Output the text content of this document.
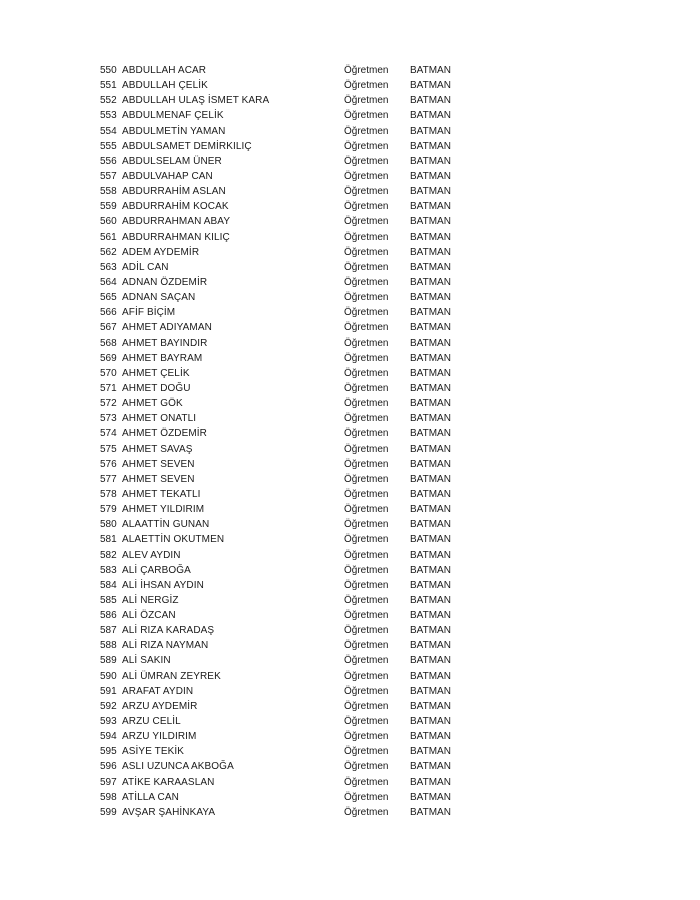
550 ABDULLAH ACAR	Öğretmen BATMAN
551 ABDULLAH ÇELİK	Öğretmen BATMAN
552 ABDULLAH ULAŞ İSMET KARA	Öğretmen BATMAN
553 ABDULMENAF ÇELİK	Öğretmen BATMAN
554 ABDULMETİN YAMAN	Öğretmen BATMAN
555 ABDULSAMET DEMİRKILIÇ	Öğretmen BATMAN
556 ABDULSELAM ÜNER	Öğretmen BATMAN
557 ABDULVAHAP CAN	Öğretmen BATMAN
558 ABDURRAHİM ASLAN	Öğretmen BATMAN
559 ABDURRAHİM KOCAK	Öğretmen BATMAN
560 ABDURRAHMAN ABAY	Öğretmen BATMAN
561 ABDURRAHMAN KILIÇ	Öğretmen BATMAN
562 ADEM AYDEMİR	Öğretmen BATMAN
563 ADİL CAN	Öğretmen BATMAN
564 ADNAN ÖZDEMİR	Öğretmen BATMAN
565 ADNAN SAÇAN	Öğretmen BATMAN
566 AFİF BİÇİM	Öğretmen BATMAN
567 AHMET ADIYAMAN	Öğretmen BATMAN
568 AHMET BAYINDIR	Öğretmen BATMAN
569 AHMET BAYRAM	Öğretmen BATMAN
570 AHMET ÇELİK	Öğretmen BATMAN
571 AHMET DOĞU	Öğretmen BATMAN
572 AHMET GÖK	Öğretmen BATMAN
573 AHMET ONATLI	Öğretmen BATMAN
574 AHMET ÖZDEMİR	Öğretmen BATMAN
575 AHMET SAVAŞ	Öğretmen BATMAN
576 AHMET SEVEN	Öğretmen BATMAN
577 AHMET SEVEN	Öğretmen BATMAN
578 AHMET TEKATLI	Öğretmen BATMAN
579 AHMET YILDIRIM	Öğretmen BATMAN
580 ALAATTİN GUNAN	Öğretmen BATMAN
581 ALAETTİN OKUTMEN	Öğretmen BATMAN
582 ALEV AYDIN	Öğretmen BATMAN
583 ALİ ÇARBOĞA	Öğretmen BATMAN
584 ALİ İHSAN AYDIN	Öğretmen BATMAN
585 ALİ NERGİZ	Öğretmen BATMAN
586 ALİ ÖZCAN	Öğretmen BATMAN
587 ALİ RIZA KARADAŞ	Öğretmen BATMAN
588 ALİ RIZA NAYMAN	Öğretmen BATMAN
589 ALİ SAKIN	Öğretmen BATMAN
590 ALİ ÜMRAN ZEYREK	Öğretmen BATMAN
591 ARAFAT AYDIN	Öğretmen BATMAN
592 ARZU AYDEMİR	Öğretmen BATMAN
593 ARZU CELİL	Öğretmen BATMAN
594 ARZU YILDIRIM	Öğretmen BATMAN
595 ASİYE TEKİK	Öğretmen BATMAN
596 ASLI UZUNCA AKBOĞA	Öğretmen BATMAN
597 ATİKE KARAASLAN	Öğretmen BATMAN
598 ATİLLA CAN	Öğretmen BATMAN
599 AVŞAR ŞAHİNKAYA	Öğretmen BATMAN
